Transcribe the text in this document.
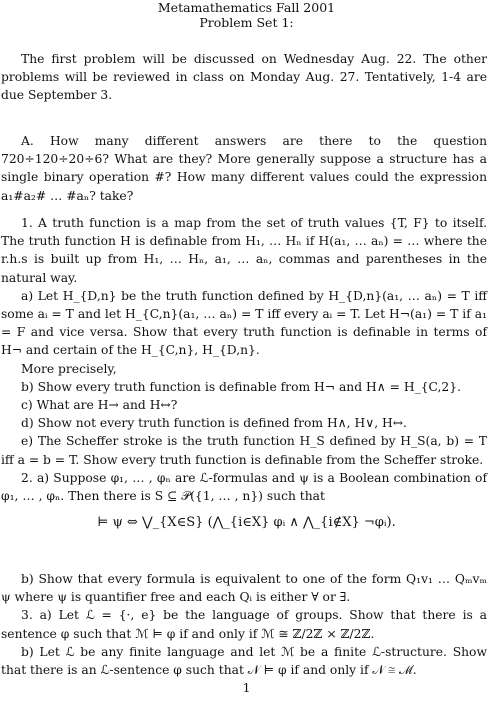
Metamathematics Fall 2001
Problem Set 1:

The first problem will be discussed on Wednesday Aug. 22. The other problems will be reviewed in class on Monday Aug. 27. Tentatively, 1-4 are due September 3.

A. How many different answers are there to the question 720÷120÷20÷6? What are they? More generally suppose a structure has a single binary operation #? How many different values could the expression a₁#a₂# … #aₙ? take?

1. A truth function is a map from the set of truth values {T, F} to itself. The truth function H is definable from H₁, … Hₙ if H(a₁, … aₙ) = … where the r.h.s is built up from H₁, … Hₙ, a₁, … aₙ, commas and parentheses in the natural way.

a) Let H_{D,n} be the truth function defined by H_{D,n}(a₁, … aₙ) = T iff some aᵢ = T and let H_{C,n}(a₁, … aₙ) = T iff every aᵢ = T. Let H¬(a₁) = T if a₁ = F and vice versa. Show that every truth function is definable in terms of H¬ and certain of the H_{C,n}, H_{D,n}.

More precisely,

b) Show every truth function is definable from H¬ and H∧ = H_{C,2}.

c) What are H→ and H↔?

d) Show not every truth function is defined from H∧, H∨, H↔.

e) The Scheffer stroke is the truth function H_S defined by H_S(a, b) = T iff a = b = T. Show every truth function is definable from the Scheffer stroke.

2. a) Suppose φ₁, … , φₙ are ℒ-formulas and ψ is a Boolean combination of φ₁, … , φₙ. Then there is S ⊆ 𝒫({1, … , n}) such that

⊨ ψ ⇔ ⋁_{X∈S} (⋀_{i∈X} φᵢ ∧ ⋀_{i∉X} ¬φᵢ).

b) Show that every formula is equivalent to one of the form Q₁v₁ … Qₘvₘ ψ where ψ is quantifier free and each Qᵢ is either ∀ or ∃.

3. a) Let ℒ = {·, e} be the language of groups. Show that there is a sentence φ such that ℳ ⊨ φ if and only if ℳ ≅ ℤ/2ℤ × ℤ/2ℤ.

b) Let ℒ be any finite language and let ℳ be a finite ℒ-structure. Show that there is an ℒ-sentence φ such that 𝒩 ⊨ φ if and only if 𝒩 ≅ ℳ.

1
